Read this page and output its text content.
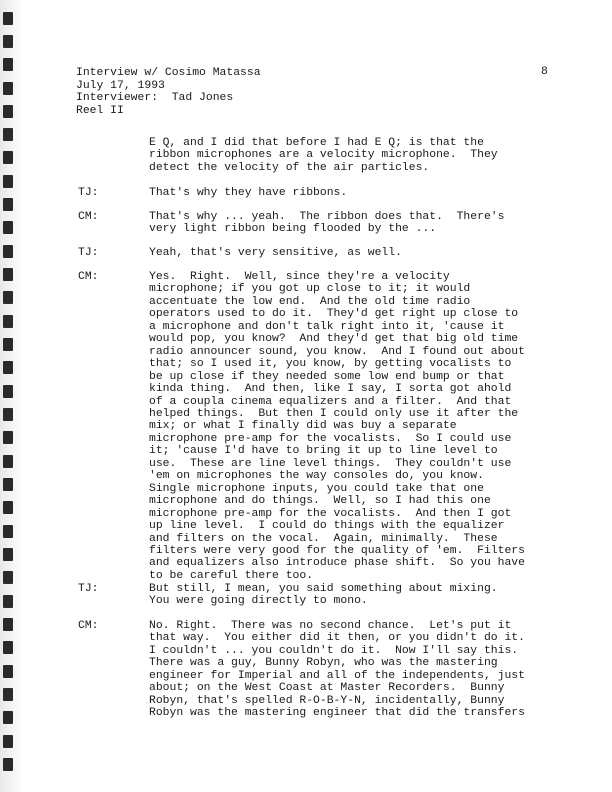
Interview w/ Cosimo Matassa
July 17, 1993
Interviewer:  Tad Jones
Reel II
8
E Q, and I did that before I had E Q; is that the
ribbon microphones are a velocity microphone.  They
detect the velocity of the air particles.
TJ:	That's why they have ribbons.
CM:	That's why ... yeah.  The ribbon does that.  There's
very light ribbon being flooded by the ...
TJ:	Yeah, that's very sensitive, as well.
CM:	Yes.  Right.  Well, since they're a velocity
microphone; if you got up close to it; it would
accentuate the low end.  And the old time radio
operators used to do it.  They'd get right up close to
a microphone and don't talk right into it, 'cause it
would pop, you know?  And they'd get that big old time
radio announcer sound, you know.  And I found out about
that; so I used it, you know, by getting vocalists to
be up close if they needed some low end bump or that
kinda thing.  And then, like I say, I sorta got ahold
of a coupla cinema equalizers and a filter.  And that
helped things.  But then I could only use it after the
mix; or what I finally did was buy a separate
microphone pre-amp for the vocalists.  So I could use
it; 'cause I'd have to bring it up to line level to
use.  These are line level things.  They couldn't use
'em on microphones the way consoles do, you know.
Single microphone inputs, you could take that one
microphone and do things.  Well, so I had this one
microphone pre-amp for the vocalists.  And then I got
up line level.  I could do things with the equalizer
and filters on the vocal.  Again, minimally.  These
filters were very good for the quality of 'em.  Filters
and equalizers also introduce phase shift.  So you have
to be careful there too.
TJ:	But still, I mean, you said something about mixing.
You were going directly to mono.
CM:	No. Right.  There was no second chance.  Let's put it
that way.  You either did it then, or you didn't do it.
I couldn't ... you couldn't do it.  Now I'll say this.
There was a guy, Bunny Robyn, who was the mastering
engineer for Imperial and all of the independents, just
about; on the West Coast at Master Recorders.  Bunny
Robyn, that's spelled R-O-B-Y-N, incidentally, Bunny
Robyn was the mastering engineer that did the transfers
